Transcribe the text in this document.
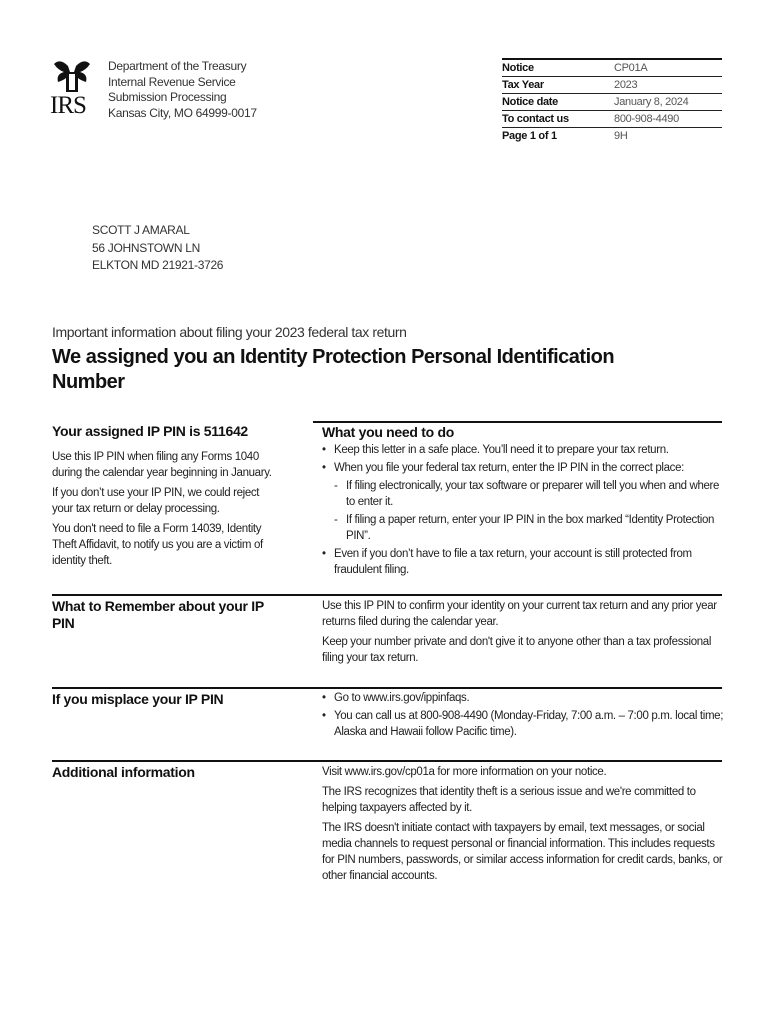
IRS
Department of the Treasury
Internal Revenue Service
Submission Processing
Kansas City, MO 64999-0017
Notice	CP01A
Tax Year	2023
Notice date	January 8, 2024
To contact us	800-908-4490
Page 1 of 1	9H
SCOTT J AMARAL
56 JOHNSTOWN LN
ELKTON MD 21921-3726
Important information about filing your 2023 federal tax return
We assigned you an Identity Protection Personal Identification Number
Your assigned IP PIN is 511642

Use this IP PIN when filing any Forms 1040 during the calendar year beginning in January.

If you don’t use your IP PIN, we could reject your tax return or delay processing.

You don't need to file a Form 14039, Identity Theft Affidavit, to notify us you are a victim of identity theft.

What you need to do
• Keep this letter in a safe place. You’ll need it to prepare your tax return.
• When you file your federal tax return, enter the IP PIN in the correct place:
- If filing electronically, your tax software or preparer will tell you when and where to enter it.
- If filing a paper return, enter your IP PIN in the box marked “Identity Protection PIN”.
• Even if you don’t have to file a tax return, your account is still protected from fraudulent filing.
What to Remember about your IP PIN

Use this IP PIN to confirm your identity on your current tax return and any prior year returns filed during the calendar year.

Keep your number private and don't give it to anyone other than a tax professional filing your tax return.

If you misplace your IP PIN	• Go to www.irs.gov/ippinfaqs.
• You can call us at 800-908-4490 (Monday-Friday, 7:00 a.m. – 7:00 p.m. local time; Alaska and Hawaii follow Pacific time).
Additional information	Visit www.irs.gov/cp01a for more information on your notice.

The IRS recognizes that identity theft is a serious issue and we're committed to helping taxpayers affected by it.

The IRS doesn't initiate contact with taxpayers by email, text messages, or social media channels to request personal or financial information. This includes requests for PIN numbers, passwords, or similar access information for credit cards, banks, or other financial accounts.
